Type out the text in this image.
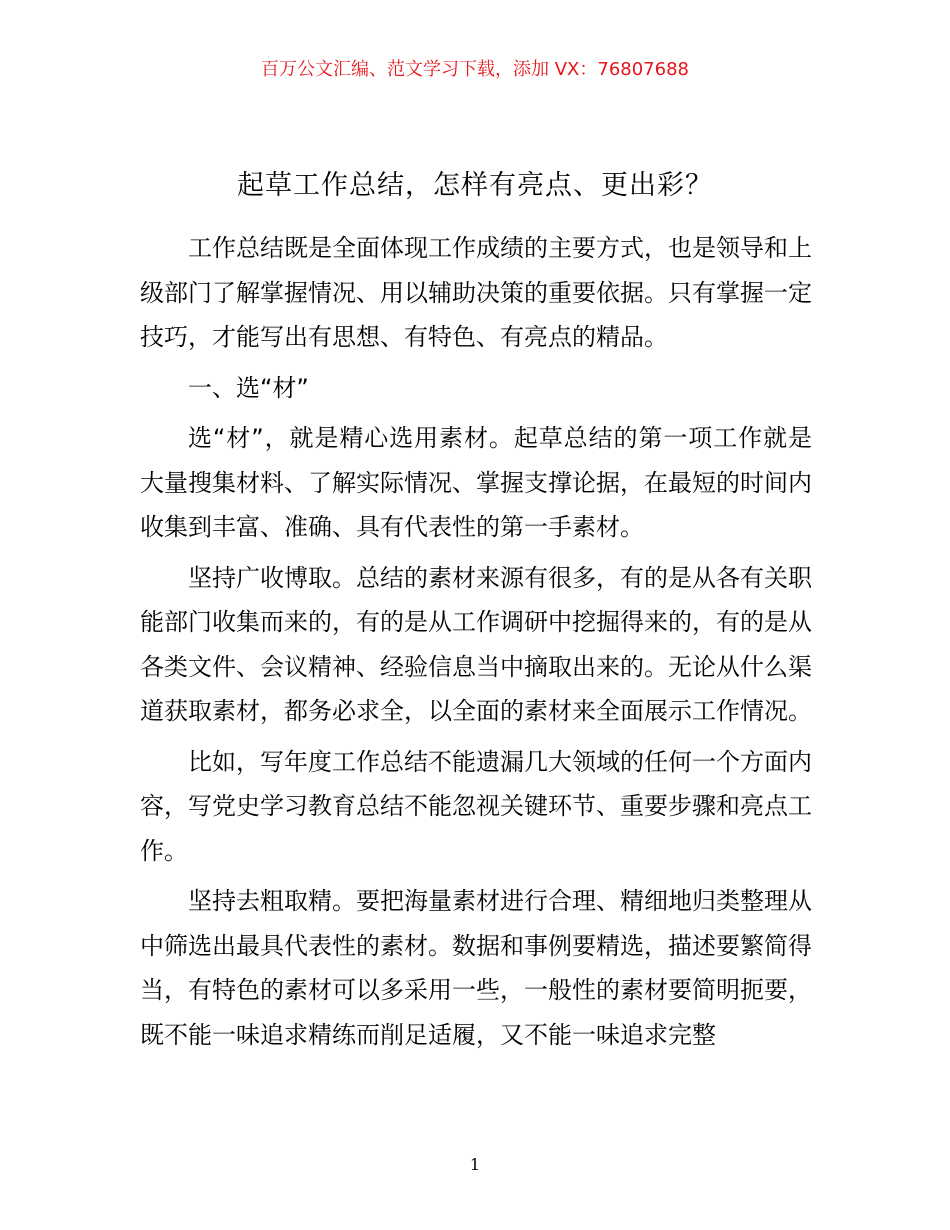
百万公文汇编、范文学习下载，添加 VX：76807688
起草工作总结，怎样有亮点、更出彩？

工作总结既是全面体现工作成绩的主要方式，也是领导和上级部门了解掌握情况、用以辅助决策的重要依据。只有掌握一定技巧，才能写出有思想、有特色、有亮点的精品。

一、选“材”

选“材”，就是精心选用素材。起草总结的第一项工作就是大量搜集材料、了解实际情况、掌握支撑论据，在最短的时间内收集到丰富、准确、具有代表性的第一手素材。

坚持广收博取。总结的素材来源有很多，有的是从各有关职能部门收集而来的，有的是从工作调研中挖掘得来的，有的是从各类文件、会议精神、经验信息当中摘取出来的。无论从什么渠道获取素材，都务必求全，以全面的素材来全面展示工作情况。

比如，写年度工作总结不能遗漏几大领域的任何一个方面内容，写党史学习教育总结不能忽视关键环节、重要步骤和亮点工作。

坚持去粗取精。要把海量素材进行合理、精细地归类整理从中筛选出最具代表性的素材。数据和事例要精选，描述要繁简得当，有特色的素材可以多采用一些，一般性的素材要简明扼要，既不能一味追求精练而削足适履，又不能一味追求完整

1
